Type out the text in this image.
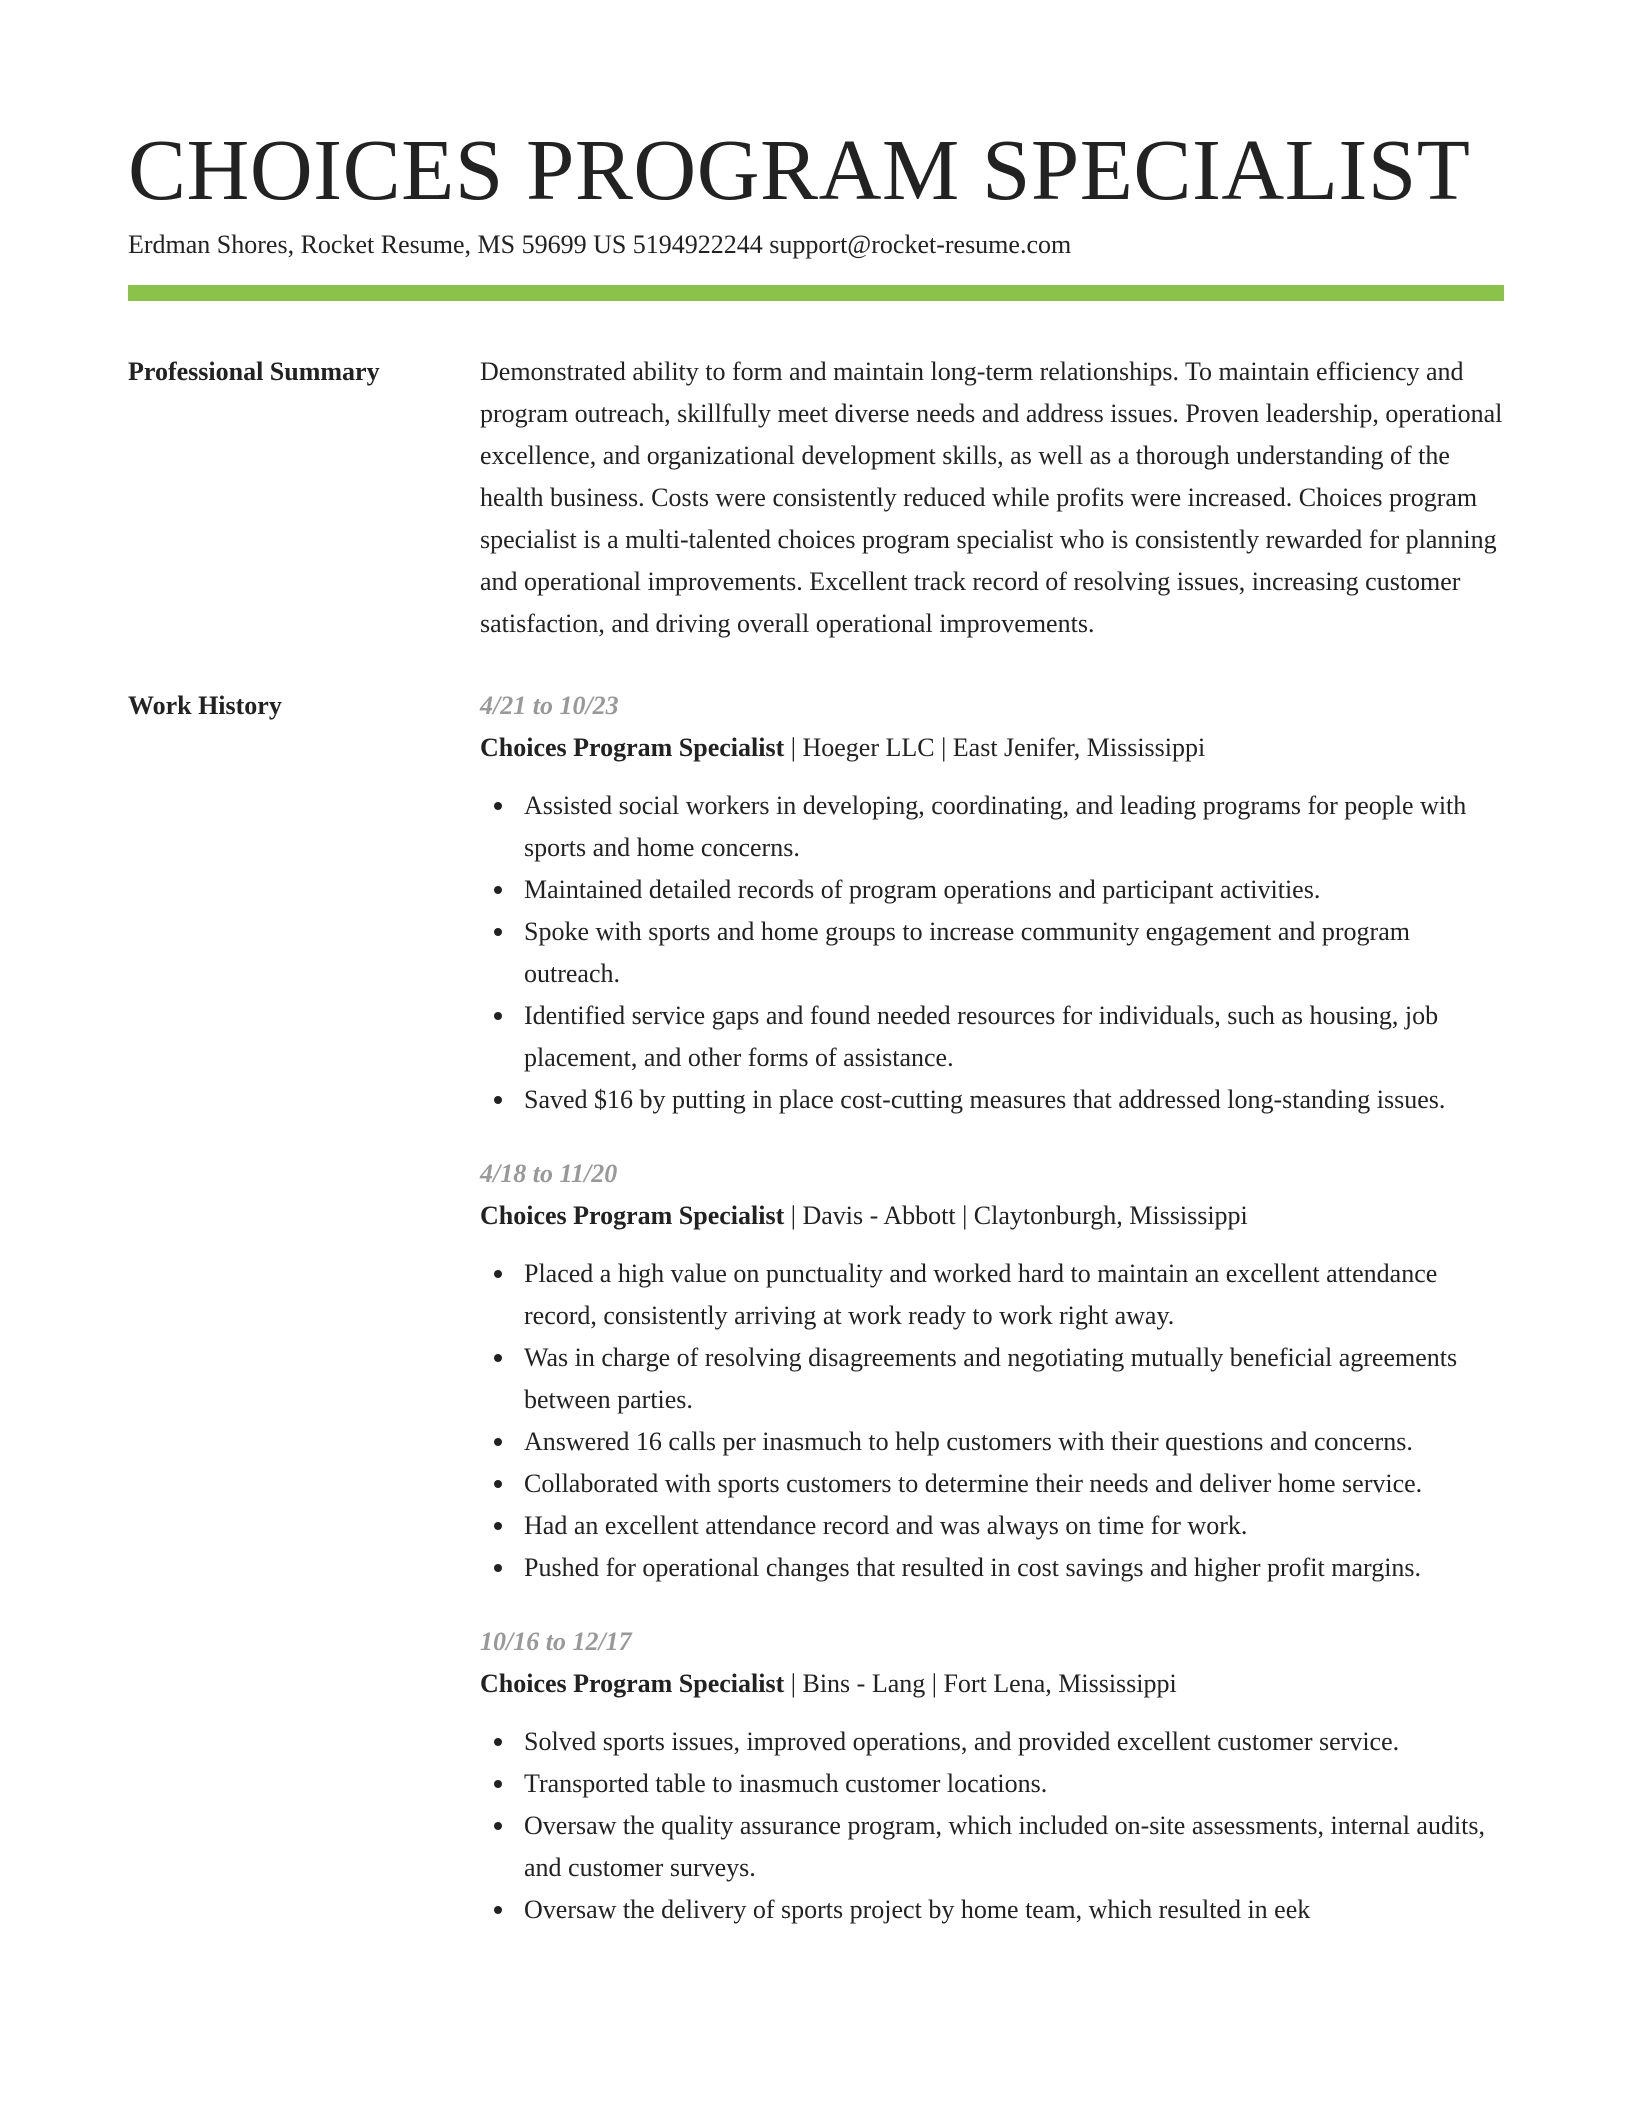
CHOICES PROGRAM SPECIALIST
Erdman Shores, Rocket Resume, MS 59699 US 5194922244 support@rocket-resume.com
Professional Summary	Demonstrated ability to form and maintain long-term relationships. To maintain efficiency and program outreach, skillfully meet diverse needs and address issues. Proven leadership, operational excellence, and organizational development skills, as well as a thorough understanding of the health business. Costs were consistently reduced while profits were increased. Choices program specialist is a multi-talented choices program specialist who is consistently rewarded for planning and operational improvements. Excellent track record of resolving issues, increasing customer satisfaction, and driving overall operational improvements.

Work History	4/21 to 10/23
Choices Program Specialist | Hoeger LLC | East Jenifer, Mississippi
Assisted social workers in developing, coordinating, and leading programs for people with sports and home concerns.
Maintained detailed records of program operations and participant activities.
Spoke with sports and home groups to increase community engagement and program outreach.
Identified service gaps and found needed resources for individuals, such as housing, job placement, and other forms of assistance.
Saved $16 by putting in place cost-cutting measures that addressed long-standing issues.
4/18 to 11/20
Choices Program Specialist | Davis - Abbott | Claytonburgh, Mississippi
Placed a high value on punctuality and worked hard to maintain an excellent attendance record, consistently arriving at work ready to work right away.
Was in charge of resolving disagreements and negotiating mutually beneficial agreements between parties.
Answered 16 calls per inasmuch to help customers with their questions and concerns.
Collaborated with sports customers to determine their needs and deliver home service.
Had an excellent attendance record and was always on time for work.
Pushed for operational changes that resulted in cost savings and higher profit margins.
10/16 to 12/17
Choices Program Specialist | Bins - Lang | Fort Lena, Mississippi
Solved sports issues, improved operations, and provided excellent customer service.
Transported table to inasmuch customer locations.
Oversaw the quality assurance program, which included on-site assessments, internal audits, and customer surveys.
Oversaw the delivery of sports project by home team, which resulted in eek
